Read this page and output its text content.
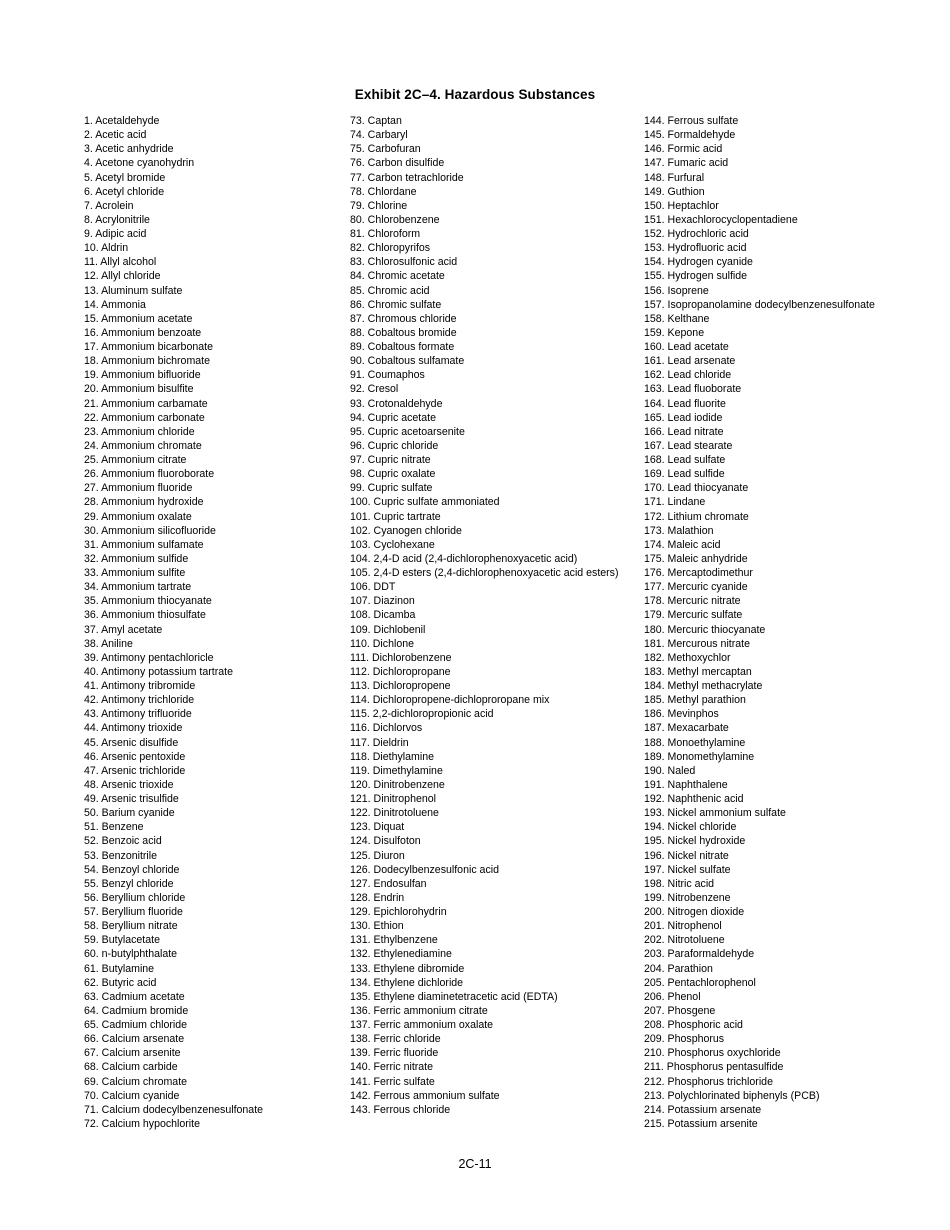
Exhibit 2C–4. Hazardous Substances
1. Acetaldehyde
2. Acetic acid
3. Acetic anhydride
4. Acetone cyanohydrin
5. Acetyl bromide
6. Acetyl chloride
7. Acrolein
8. Acrylonitrile
9. Adipic acid
10. Aldrin
11. Allyl alcohol
12. Allyl chloride
13. Aluminum sulfate
14. Ammonia
15. Ammonium acetate
16. Ammonium benzoate
17. Ammonium bicarbonate
18. Ammonium bichromate
19. Ammonium bifluoride
20. Ammonium bisulfite
21. Ammonium carbamate
22. Ammonium carbonate
23. Ammonium chloride
24. Ammonium chromate
25. Ammonium citrate
26. Ammonium fluoroborate
27. Ammonium fluoride
28. Ammonium hydroxide
29. Ammonium oxalate
30. Ammonium silicofluoride
31. Ammonium sulfamate
32. Ammonium sulfide
33. Ammonium sulfite
34. Ammonium tartrate
35. Ammonium thiocyanate
36. Ammonium thiosulfate
37. Amyl acetate
38. Aniline
39. Antimony pentachloricle
40. Antimony potassium tartrate
41. Antimony tribromide
42. Antimony trichloride
43. Antimony trifluoride
44. Antimony trioxide
45. Arsenic disulfide
46. Arsenic pentoxide
47. Arsenic trichloride
48. Arsenic trioxide
49. Arsenic trisulfide
50. Barium cyanide
51. Benzene
52. Benzoic acid
53. Benzonitrile
54. Benzoyl chloride
55. Benzyl chloride
56. Beryllium chloride
57. Beryllium fluoride
58. Beryllium nitrate
59. Butylacetate
60. n-butylphthalate
61. Butylamine
62. Butyric acid
63. Cadmium acetate
64. Cadmium bromide
65. Cadmium chloride
66. Calcium arsenate
67. Calcium arsenite
68. Calcium carbide
69. Calcium chromate
70. Calcium cyanide
71. Calcium dodecylbenzenesulfonate
72. Calcium hypochlorite
73. Captan
74. Carbaryl
75. Carbofuran
76. Carbon disulfide
77. Carbon tetrachloride
78. Chlordane
79. Chlorine
80. Chlorobenzene
81. Chloroform
82. Chloropyrifos
83. Chlorosulfonic acid
84. Chromic acetate
85. Chromic acid
86. Chromic sulfate
87. Chromous chloride
88. Cobaltous bromide
89. Cobaltous formate
90. Cobaltous sulfamate
91. Coumaphos
92. Cresol
93. Crotonaldehyde
94. Cupric acetate
95. Cupric acetoarsenite
96. Cupric chloride
97. Cupric nitrate
98. Cupric oxalate
99. Cupric sulfate
100. Cupric sulfate ammoniated
101. Cupric tartrate
102. Cyanogen chloride
103. Cyclohexane
104. 2,4-D acid (2,4-dichlorophenoxyacetic acid)
105. 2,4-D esters (2,4-dichlorophenoxyacetic acid esters)
106. DDT
107. Diazinon
108. Dicamba
109. Dichlobenil
110. Dichlone
111. Dichlorobenzene
112. Dichloropropane
113. Dichloropropene
114. Dichloropropene-dichloproropane mix
115. 2,2-dichloropropionic acid
116. Dichlorvos
117. Dieldrin
118. Diethylamine
119. Dimethylamine
120. Dinitrobenzene
121. Dinitrophenol
122. Dinitrotoluene
123. Diquat
124. Disulfoton
125. Diuron
126. Dodecylbenzesulfonic acid
127. Endosulfan
128. Endrin
129. Epichlorohydrin
130. Ethion
131. Ethylbenzene
132. Ethylenediamine
133. Ethylene dibromide
134. Ethylene dichloride
135. Ethylene diaminetetracetic acid (EDTA)
136. Ferric ammonium citrate
137. Ferric ammonium oxalate
138. Ferric chloride
139. Ferric fluoride
140. Ferric nitrate
141. Ferric sulfate
142. Ferrous ammonium sulfate
143. Ferrous chloride
144. Ferrous sulfate
145. Formaldehyde
146. Formic acid
147. Fumaric acid
148. Furfural
149. Guthion
150. Heptachlor
151. Hexachlorocyclopentadiene
152. Hydrochloric acid
153. Hydrofluoric acid
154. Hydrogen cyanide
155. Hydrogen sulfide
156. Isoprene
157. Isopropanolamine dodecylbenzenesulfonate
158. Kelthane
159. Kepone
160. Lead acetate
161. Lead arsenate
162. Lead chloride
163. Lead fluoborate
164. Lead fluorite
165. Lead iodide
166. Lead nitrate
167. Lead stearate
168. Lead sulfate
169. Lead sulfide
170. Lead thiocyanate
171. Lindane
172. Lithium chromate
173. Malathion
174. Maleic acid
175. Maleic anhydride
176. Mercaptodimethur
177. Mercuric cyanide
178. Mercuric nitrate
179. Mercuric sulfate
180. Mercuric thiocyanate
181. Mercurous nitrate
182. Methoxychlor
183. Methyl mercaptan
184. Methyl methacrylate
185. Methyl parathion
186. Mevinphos
187. Mexacarbate
188. Monoethylamine
189. Monomethylamine
190. Naled
191. Naphthalene
192. Naphthenic acid
193. Nickel ammonium sulfate
194. Nickel chloride
195. Nickel hydroxide
196. Nickel nitrate
197. Nickel sulfate
198. Nitric acid
199. Nitrobenzene
200. Nitrogen dioxide
201. Nitrophenol
202. Nitrotoluene
203. Paraformaldehyde
204. Parathion
205. Pentachlorophenol
206. Phenol
207. Phosgene
208. Phosphoric acid
209. Phosphorus
210. Phosphorus oxychloride
211. Phosphorus pentasulfide
212. Phosphorus trichloride
213. Polychlorinated biphenyls (PCB)
214. Potassium arsenate
215. Potassium arsenite
2C-11
